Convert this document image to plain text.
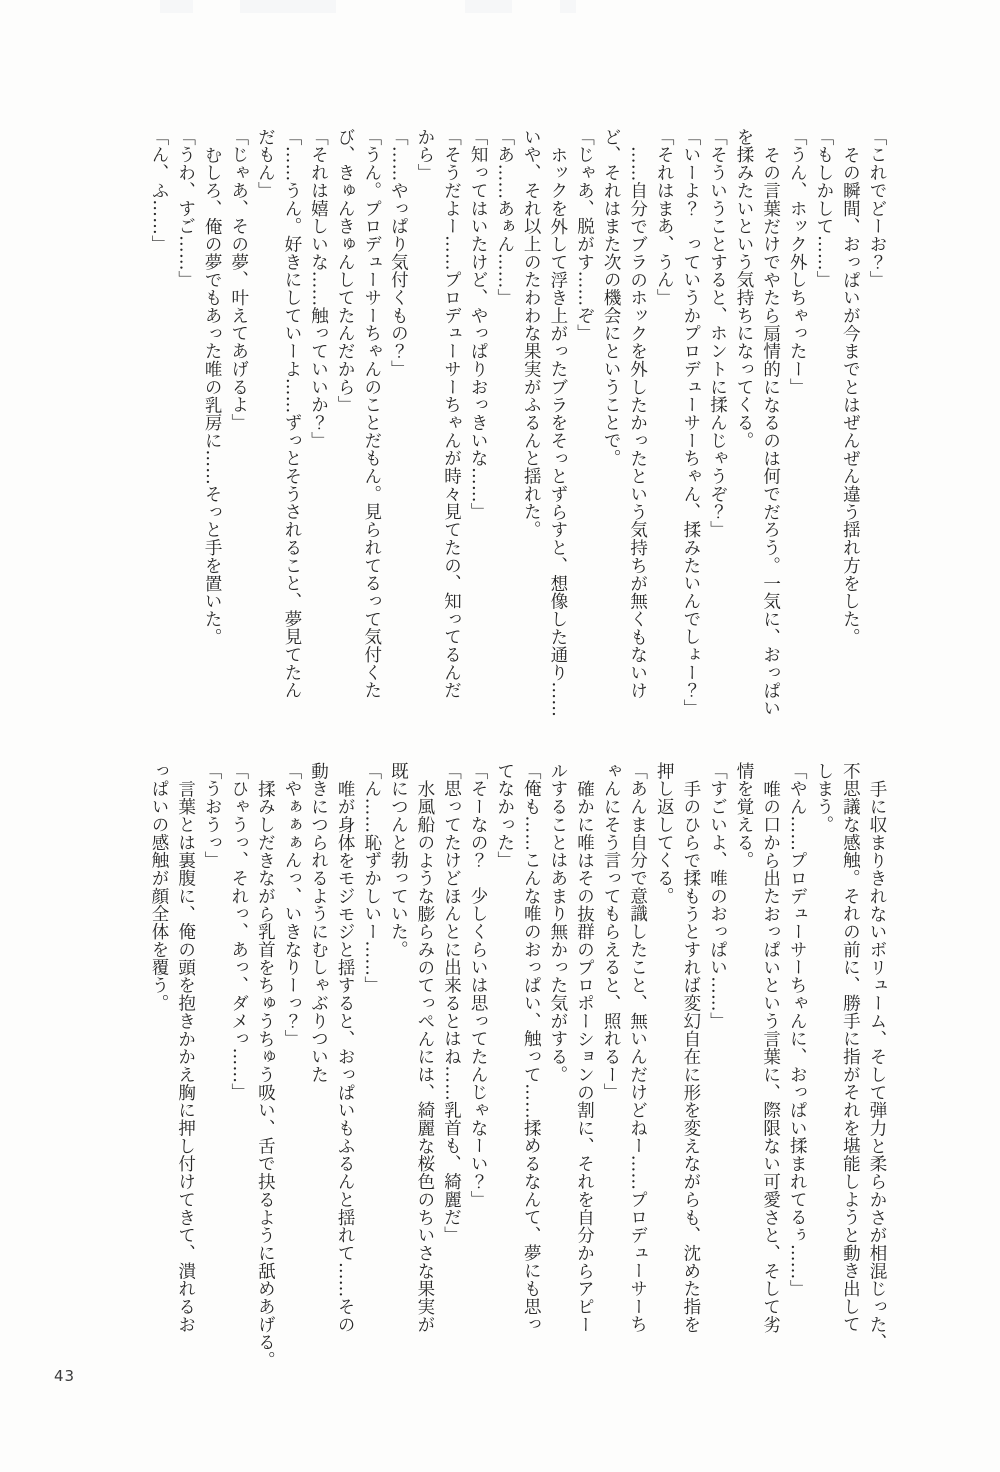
「これでどーお？」
その瞬間、おっぱいが今までとはぜんぜん違う揺れ方をした。
「もしかして……」
「うん、ホック外しちゃったー」
その言葉だけでやたら扇情的になるのは何でだろう。一気に、おっぱい
を揉みたいという気持ちになってくる。
「そういうことすると、ホントに揉んじゃうぞ？」
「いーよ？　っていうかプロデューサーちゃん、揉みたいんでしょー？」
「それはまあ、うん」
……自分でブラのホックを外したかったという気持ちが無くもないけ
ど、それはまた次の機会にということで。
「じゃあ、脱がす……ぞ」
ホックを外して浮き上がったブラをそっとずらすと、想像した通り……
いや、それ以上のたわわな果実がふるんと揺れた。
「あ……あぁん……」
「知ってはいたけど、やっぱりおっきいな……」
「そうだよー……プロデューサーちゃんが時々見てたの、知ってるんだ
から」
「……やっぱり気付くもの？」
「うん。プロデューサーちゃんのことだもん。見られてるって気付くた
び、きゅんきゅんしてたんだから」
「それは嬉しいな……触っていいか？」
「……うん。好きにしていーよ……ずっとそうされること、夢見てたん
だもん」
「じゃあ、その夢、叶えてあげるよ」
むしろ、俺の夢でもあった唯の乳房に……そっと手を置いた。
「うわ、すご……」
「ん、ふ……」
手に収まりきれないボリューム、そして弾力と柔らかさが相混じった、
不思議な感触。それの前に、勝手に指がそれを堪能しようと動き出して
しまう。
「やん……プロデューサーちゃんに、おっぱい揉まれてるぅ……」
唯の口から出たおっぱいという言葉に、際限ない可愛さと、そして劣
情を覚える。
「すごいよ、唯のおっぱい……」
手のひらで揉もうとすれば変幻自在に形を変えながらも、沈めた指を
押し返してくる。
「あんま自分で意識したこと、無いんだけどねー……プロデューサーち
ゃんにそう言ってもらえると、照れるー」
確かに唯はその抜群のプロポーションの割に、それを自分からアピー
ルすることはあまり無かった気がする。
「俺も……こんな唯のおっぱい、触って……揉めるなんて、夢にも思っ
てなかった」
「そーなの？　少しくらいは思ってたんじゃなーい？」
「思ってたけどほんとに出来るとはね……乳首も、綺麗だ」
水風船のような膨らみのてっぺんには、綺麗な桜色のちいさな果実が
既につんと勃っていた。
「ん……恥ずかしいー……」
唯が身体をモジモジと揺すると、おっぱいもふるんと揺れて……その
動きにつられるようにむしゃぶりついた
「やぁぁぁんっ、いきなりーっ？」
揉みしだきながら乳首をちゅうちゅう吸い、舌で抉るように舐めあげる。
「ひゃうっ、それっ、あっ、ダメっ……」
「うおうっ」
言葉とは裏腹に、俺の頭を抱きかかえ胸に押し付けてきて、潰れるお
っぱいの感触が顔全体を覆う。
43
